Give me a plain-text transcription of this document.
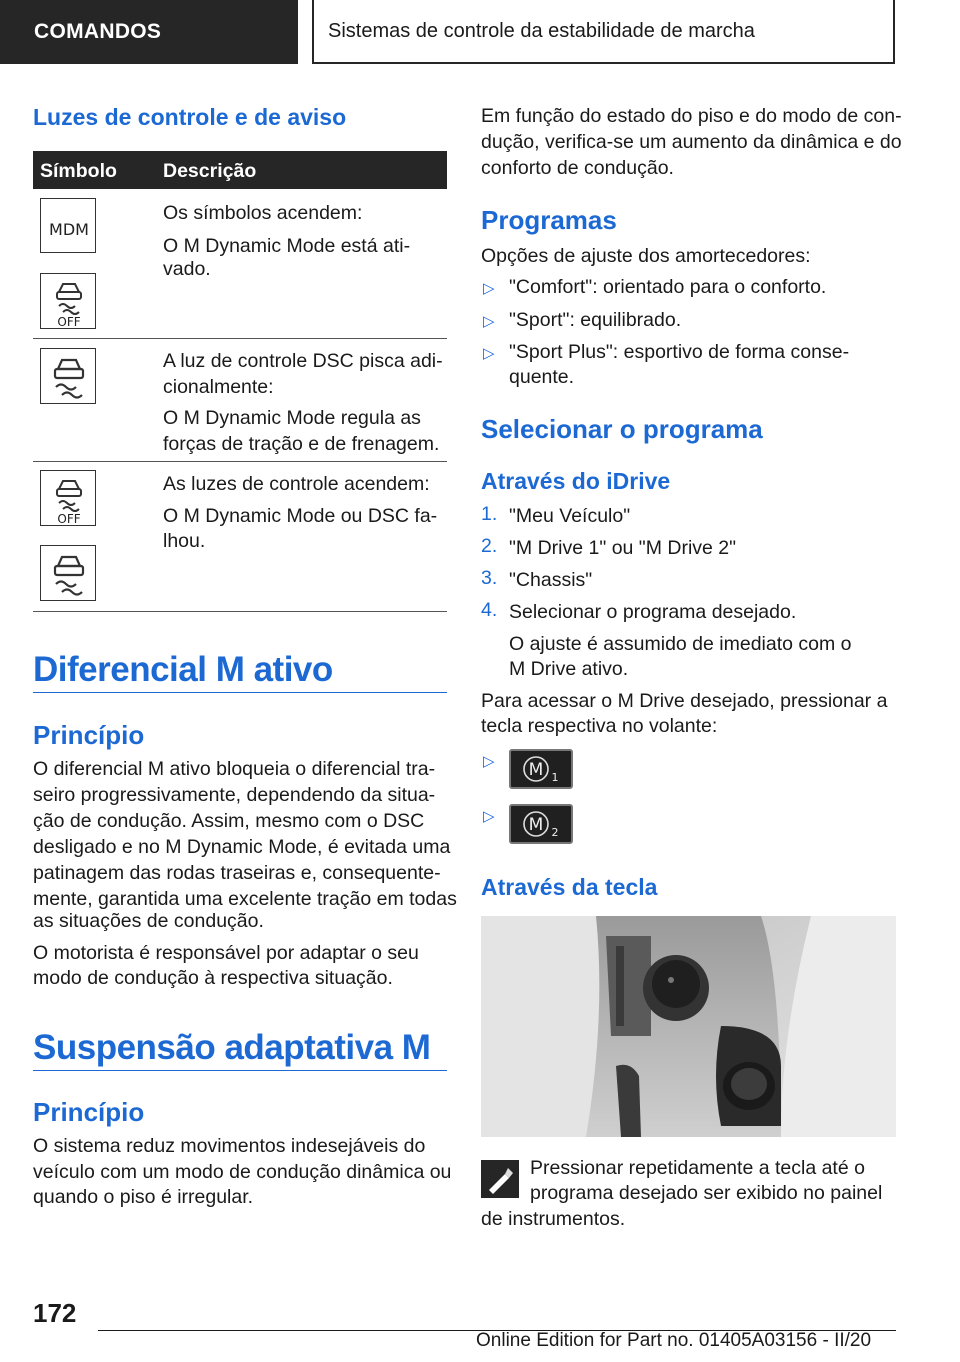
COMANDOS	Sistemas de controle da estabilidade de marcha
Luzes de controle e de aviso
Símbolo Descrição
MDM
OFF
Os símbolos acendem:
O M Dynamic Mode está ati-
vado.
A luz de controle DSC pisca adi-
cionalmente:
O M Dynamic Mode regula as
forças de tração e de frenagem.
OFF
As luzes de controle acendem:
O M Dynamic Mode ou DSC fa-
lhou.
Diferencial M ativo
Princípio
O diferencial M ativo bloqueia o diferencial tra-
seiro progressivamente, dependendo da situa-
ção de condução. Assim, mesmo com o DSC
desligado e no M Dynamic Mode, é evitada uma
patinagem das rodas traseiras e, consequente-
mente, garantida uma excelente tração em todas
as situações de condução.
O motorista é responsável por adaptar o seu
modo de condução à respectiva situação.
Suspensão adaptativa M
Princípio
O sistema reduz movimentos indesejáveis do
veículo com um modo de condução dinâmica ou
quando o piso é irregular.
Em função do estado do piso e do modo de con-
dução, verifica-se um aumento da dinâmica e do
conforto de condução.
Programas
Opções de ajuste dos amortecedores:
▷ "Comfort": orientado para o conforto.
▷ "Sport": equilibrado.
▷ "Sport Plus": esportivo de forma conse-
quente.
Selecionar o programa
Através do iDrive
1. "Meu Veículo"
2. "M Drive 1" ou "M Drive 2"
3. "Chassis"
4. Selecionar o programa desejado.
O ajuste é assumido de imediato com o
M Drive ativo.
Para acessar o M Drive desejado, pressionar a
tecla respectiva no volante:
▷ M 1
▷ M 2
Através da tecla
Pressionar repetidamente a tecla até o
programa desejado ser exibido no painel
de instrumentos.
172
Online Edition for Part no. 01405A03156 - II/20
